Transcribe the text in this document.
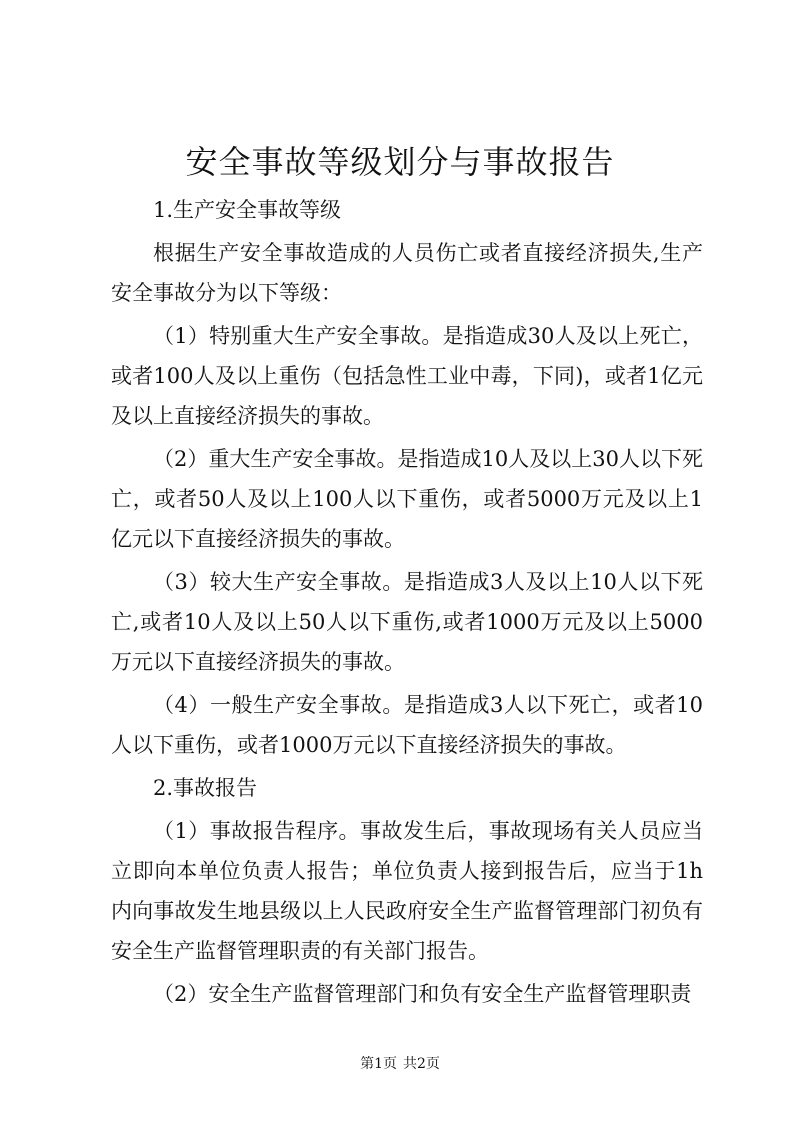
安全事故等级划分与事故报告

1.生产安全事故等级

根据生产安全事故造成的人员伤亡或者直接经济损失,生产安全事故分为以下等级：

（1）特别重大生产安全事故。是指造成30人及以上死亡，或者100人及以上重伤（包括急性工业中毒，下同)，或者1亿元及以上直接经济损失的事故。

（2）重大生产安全事故。是指造成10人及以上30人以下死亡，或者50人及以上100人以下重伤，或者5000万元及以上1亿元以下直接经济损失的事故。

（3）较大生产安全事故。是指造成3人及以上10人以下死亡,或者10人及以上50人以下重伤,或者1000万元及以上5000万元以下直接经济损失的事故。

（4）一般生产安全事故。是指造成3人以下死亡，或者10人以下重伤，或者1000万元以下直接经济损失的事故。

2.事故报告

（1）事故报告程序。事故发生后，事故现场有关人员应当立即向本单位负责人报告；单位负责人接到报告后，应当于1h内向事故发生地县级以上人民政府安全生产监督管理部门初负有安全生产监督管理职责的有关部门报告。

（2）安全生产监督管理部门和负有安全生产监督管理职责

第1页 共2页
